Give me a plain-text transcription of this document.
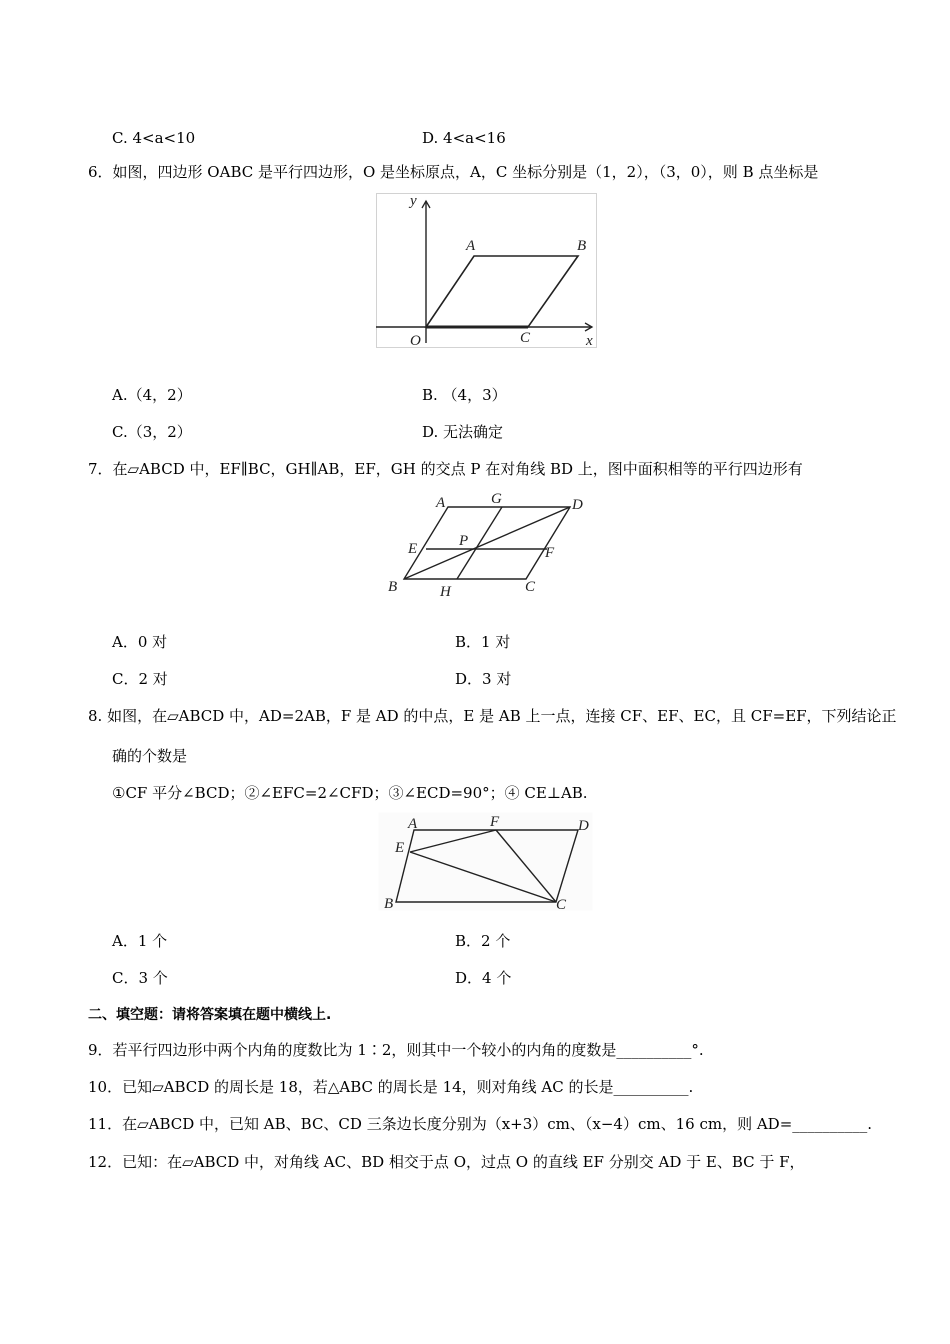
C. 4<a<10	D. 4<a<16
6．如图，四边形 OABC 是平行四边形，O 是坐标原点，A，C 坐标分别是（1，2），（3，0），则 B 点坐标是
y
x
O
A	B
C
A.（4，2）	B. （4，3）
C.（3，2）	D. 无法确定
7．在▱ABCD 中，EF∥BC，GH∥AB，EF，GH 的交点 P 在对角线 BD 上，图中面积相等的平行四边形有
A	G	D
E	P
F
B	H	C
A．0 对	B．1 对
C．2 对	D．3 对
8. 如图，在▱ABCD 中，AD=2AB，F 是 AD 的中点，E 是 AB 上一点，连接 CF、EF、EC，且 CF=EF，下列结论正
确的个数是
①CF 平分∠BCD；②∠EFC=2∠CFD；③∠ECD=90°；④ CE⊥AB.
A	F	D
E
B	C
A．1 个	B．2 个
C．3 个	D．4 个
二、填空题：请将答案填在题中横线上.
9．若平行四边形中两个内角的度数比为 1∶2，则其中一个较小的内角的度数是__________°.
10．已知▱ABCD 的周长是 18，若△ABC 的周长是 14，则对角线 AC 的长是__________.
11．在▱ABCD 中，已知 AB、BC、CD 三条边长度分别为（x+3）cm、（x−4）cm、16 cm，则 AD=__________.
12．已知：在▱ABCD 中，对角线 AC、BD 相交于点 O，过点 O 的直线 EF 分别交 AD 于 E、BC 于 F，
